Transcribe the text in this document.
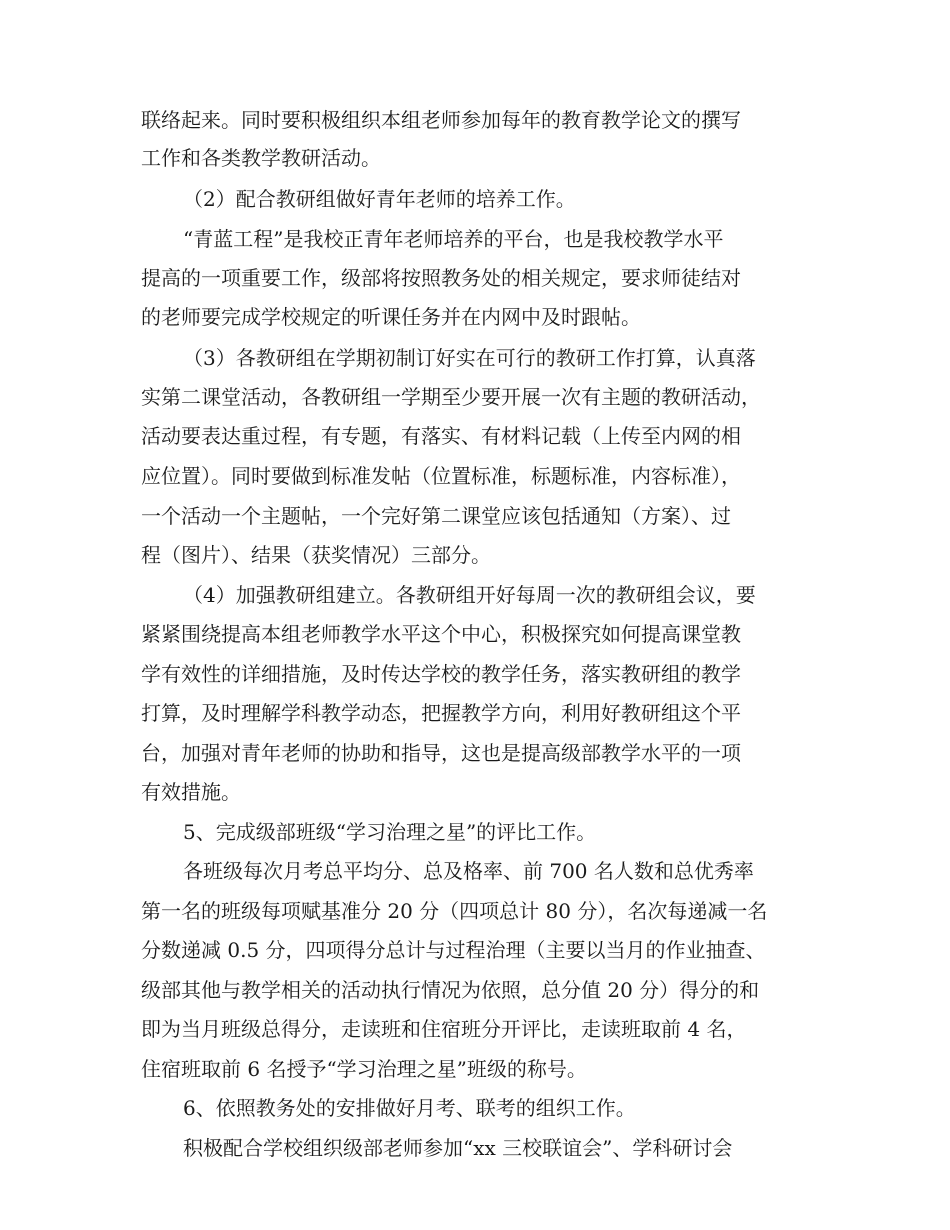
联络起来。同时要积极组织本组老师参加每年的教育教学论文的撰写
工作和各类教学教研活动。
（2）配合教研组做好青年老师的培养工作。
“青蓝工程”是我校正青年老师培养的平台，也是我校教学水平
提高的一项重要工作，级部将按照教务处的相关规定，要求师徒结对
的老师要完成学校规定的听课任务并在内网中及时跟帖。
（3）各教研组在学期初制订好实在可行的教研工作打算，认真落
实第二课堂活动，各教研组一学期至少要开展一次有主题的教研活动，
活动要表达重过程，有专题，有落实、有材料记载（上传至内网的相
应位置）。同时要做到标准发帖（位置标准，标题标准，内容标准），
一个活动一个主题帖，一个完好第二课堂应该包括通知（方案）、过
程（图片）、结果（获奖情况）三部分。
（4）加强教研组建立。各教研组开好每周一次的教研组会议，要
紧紧围绕提高本组老师教学水平这个中心，积极探究如何提高课堂教
学有效性的详细措施，及时传达学校的教学任务，落实教研组的教学
打算，及时理解学科教学动态，把握教学方向，利用好教研组这个平
台，加强对青年老师的协助和指导，这也是提高级部教学水平的一项
有效措施。
5、完成级部班级“学习治理之星”的评比工作。
各班级每次月考总平均分、总及格率、前 700 名人数和总优秀率
第一名的班级每项赋基准分 20 分（四项总计 80 分），名次每递减一名
分数递减 0.5 分，四项得分总计与过程治理（主要以当月的作业抽查、
级部其他与教学相关的活动执行情况为依照，总分值 20 分）得分的和
即为当月班级总得分，走读班和住宿班分开评比，走读班取前 4 名，
住宿班取前 6 名授予“学习治理之星”班级的称号。
6、依照教务处的安排做好月考、联考的组织工作。
积极配合学校组织级部老师参加“xx 三校联谊会”、学科研讨会
